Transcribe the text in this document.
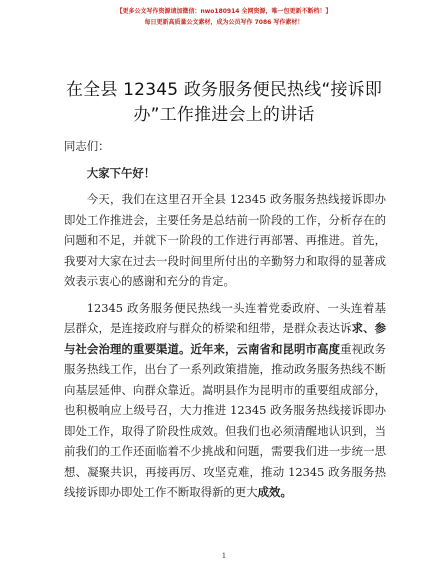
【更多公文写作资源请加微信：nwo180914 全网资源，唯一包更新不断档！】
每日更新高质量公文素材，成为公员写作 7086 写作素材！
在全县 12345 政务服务便民热线“接诉即办”工作推进会上的讲话

同志们：

大家下午好！

今天，我们在这里召开全县 12345 政务服务热线接诉即办即处工作推进会，主要任务是总结前一阶段的工作，分析存在的问题和不足，并就下一阶段的工作进行再部署、再推进。首先，我要对大家在过去一段时间里所付出的辛勤努力和取得的显著成效表示衷心的感谢和充分的肯定。

12345 政务服务便民热线一头连着党委政府、一头连着基层群众，是连接政府与群众的桥梁和纽带，是群众表达诉求、参与社会治理的重要渠道。近年来，云南省和昆明市高度重视政务服务热线工作，出台了一系列政策措施，推动政务服务热线不断向基层延伸、向群众靠近。嵩明县作为昆明市的重要组成部分，也积极响应上级号召，大力推进 12345 政务服务热线接诉即办即处工作，取得了阶段性成效。但我们也必须清醒地认识到，当前我们的工作还面临着不少挑战和问题，需要我们进一步统一思想、凝聚共识，再接再厉、攻坚克难，推动 12345 政务服务热线接诉即办即处工作不断取得新的更大成效。

1
